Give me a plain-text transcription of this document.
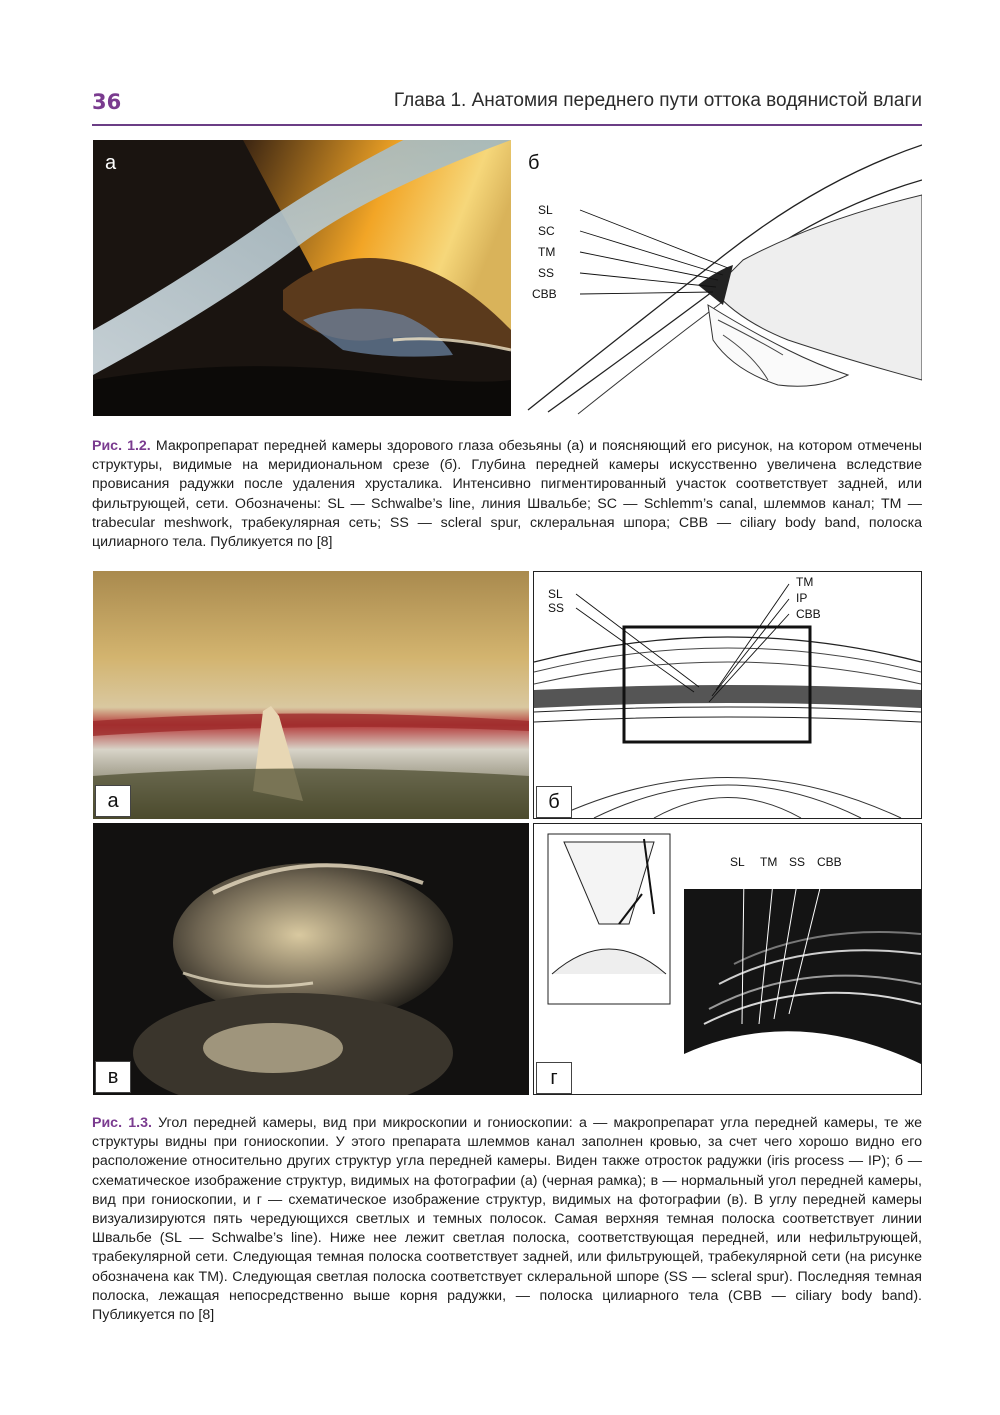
36	Глава 1. Анатомия переднего пути оттока водянистой влаги
а
SL
SC
TM
SS
CBB
б
Рис. 1.2. Макропрепарат передней камеры здорового глаза обезьяны (а) и поясняющий его рисунок, на котором отмечены структуры, видимые на меридиональном срезе (б). Глубина передней камеры искусственно увеличена вследствие провисания радужки после удаления хрусталика. Интенсивно пигментированный участок соответствует задней, или фильтрующей, сети. Обозначены: SL — Schwalbe’s line, линия Швальбе; SC — Schlemm’s canal, шлеммов канал; TM — trabecular meshwork, трабекулярная сеть; SS — scleral spur, склеральная шпора; CBB — ciliary body band, полоска цилиарного тела. Публикуется по [8]
а
SL
SS
TM
IP
CBB
б
в
SL TM SS CBB
г
Рис. 1.3. Угол передней камеры, вид при микроскопии и гониоскопии: а — макропрепарат угла передней камеры, те же структуры видны при гониоскопии. У этого препарата шлеммов канал заполнен кровью, за счет чего хорошо видно его расположение относительно других структур угла передней камеры. Виден также отросток радужки (iris process — IP); б — схематическое изображение структур, видимых на фотографии (а) (черная рамка); в — нормальный угол передней камеры, вид при гониоскопии, и г — схематическое изображение структур, видимых на фотографии (в). В углу передней камеры визуализируются пять чередующихся светлых и темных полосок. Самая верхняя темная полоска соответствует линии Швальбе (SL — Schwalbe’s line). Ниже нее лежит светлая полоска, соответствующая передней, или нефильтрующей, трабекулярной сети. Следующая темная полоска соответствует задней, или фильтрующей, трабекулярной сети (на рисунке обозначена как TM). Следующая светлая полоска соответствует склеральной шпоре (SS — scleral spur). Последняя темная полоска, лежащая непосредственно выше корня радужки, — полоска цилиарного тела (CBB — ciliary body band). Публикуется по [8]
